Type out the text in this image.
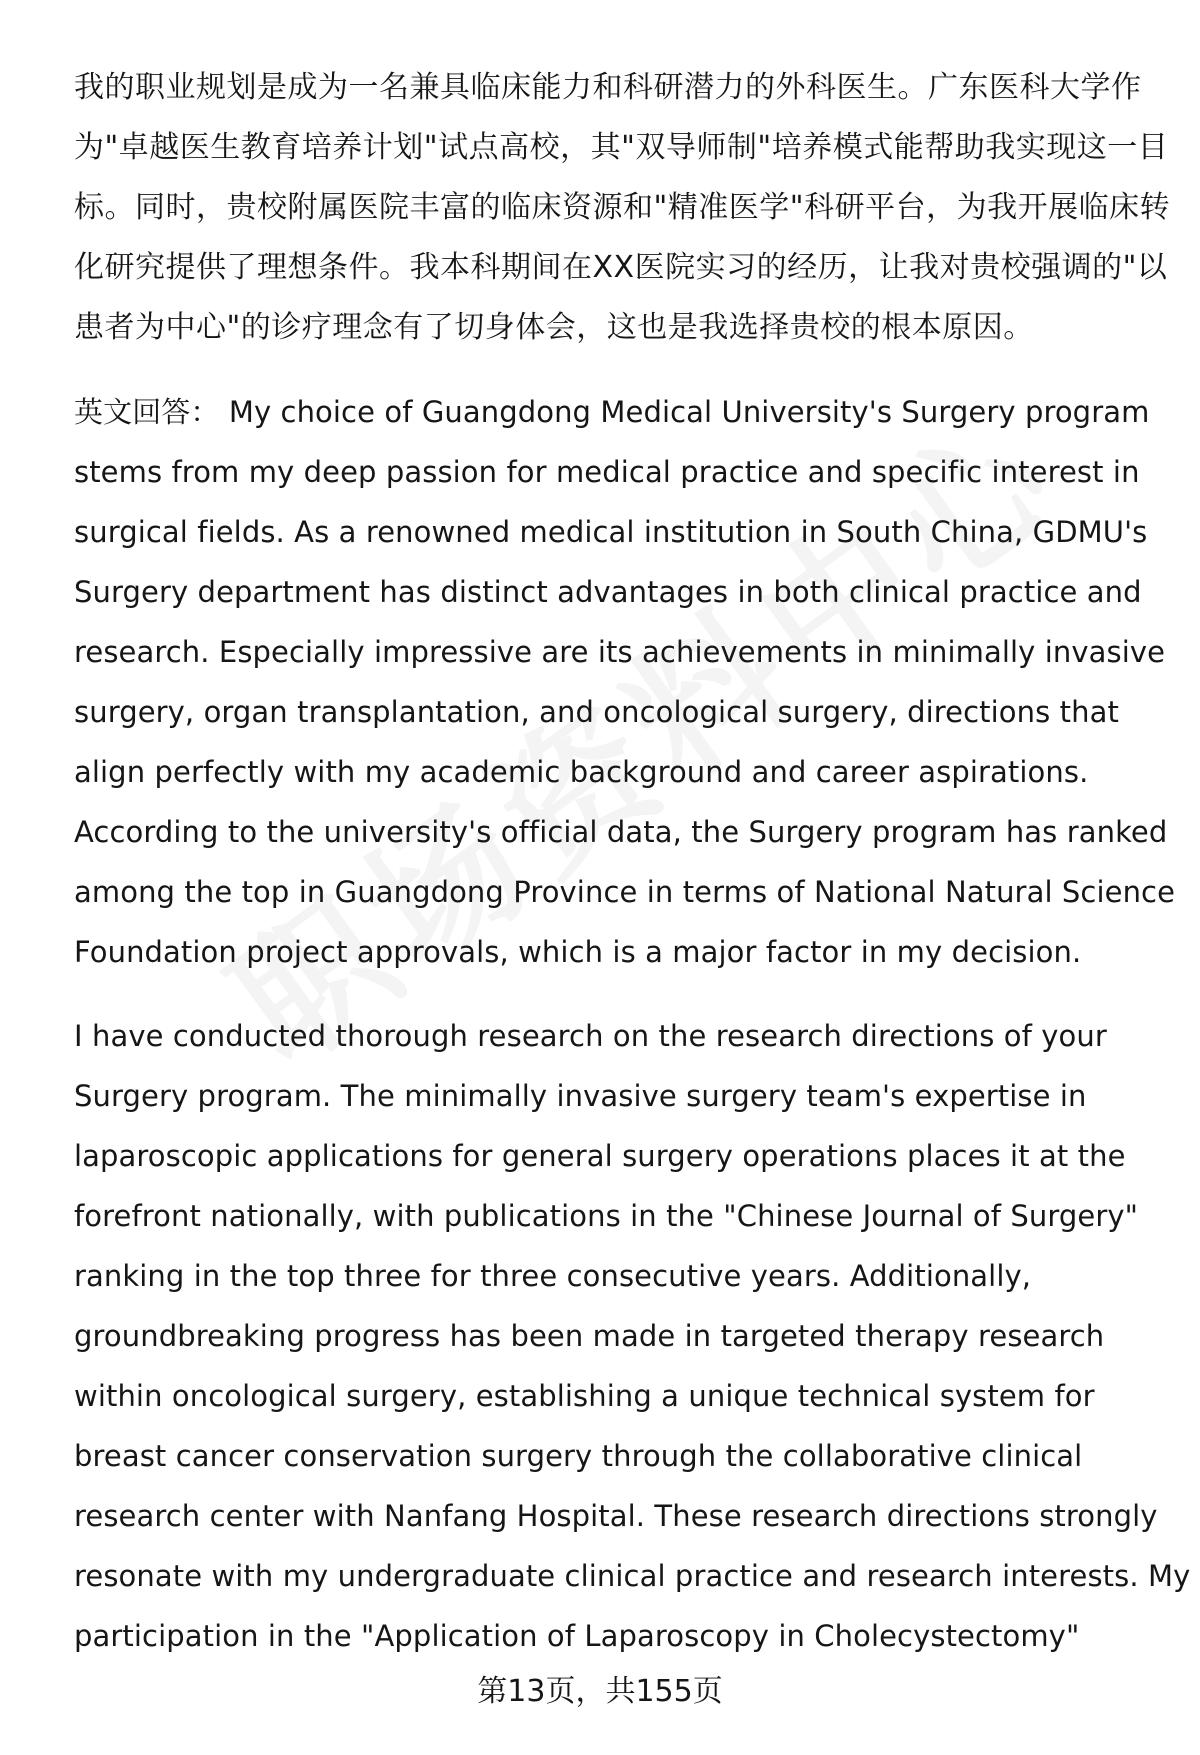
我的职业规划是成为一名兼具临床能力和科研潜力的外科医生。广东医科大学作
为"卓越医生教育培养计划"试点高校，其"双导师制"培养模式能帮助我实现这一目
标。同时，贵校附属医院丰富的临床资源和"精准医学"科研平台，为我开展临床转
化研究提供了理想条件。我本科期间在XX医院实习的经历，让我对贵校强调的"以
患者为中心"的诊疗理念有了切身体会，这也是我选择贵校的根本原因。

英文回答： My choice of Guangdong Medical University's Surgery program
stems from my deep passion for medical practice and specific interest in
surgical fields. As a renowned medical institution in South China, GDMU's
Surgery department has distinct advantages in both clinical practice and
research. Especially impressive are its achievements in minimally invasive
surgery, organ transplantation, and oncological surgery, directions that
align perfectly with my academic background and career aspirations.
According to the university's official data, the Surgery program has ranked
among the top in Guangdong Province in terms of National Natural Science
Foundation project approvals, which is a major factor in my decision.

I have conducted thorough research on the research directions of your
Surgery program. The minimally invasive surgery team's expertise in
laparoscopic applications for general surgery operations places it at the
forefront nationally, with publications in the "Chinese Journal of Surgery"
ranking in the top three for three consecutive years. Additionally,
groundbreaking progress has been made in targeted therapy research
within oncological surgery, establishing a unique technical system for
breast cancer conservation surgery through the collaborative clinical
research center with Nanfang Hospital. These research directions strongly
resonate with my undergraduate clinical practice and research interests. My
participation in the "Application of Laparoscopy in Cholecystectomy"

第13页，共155页
